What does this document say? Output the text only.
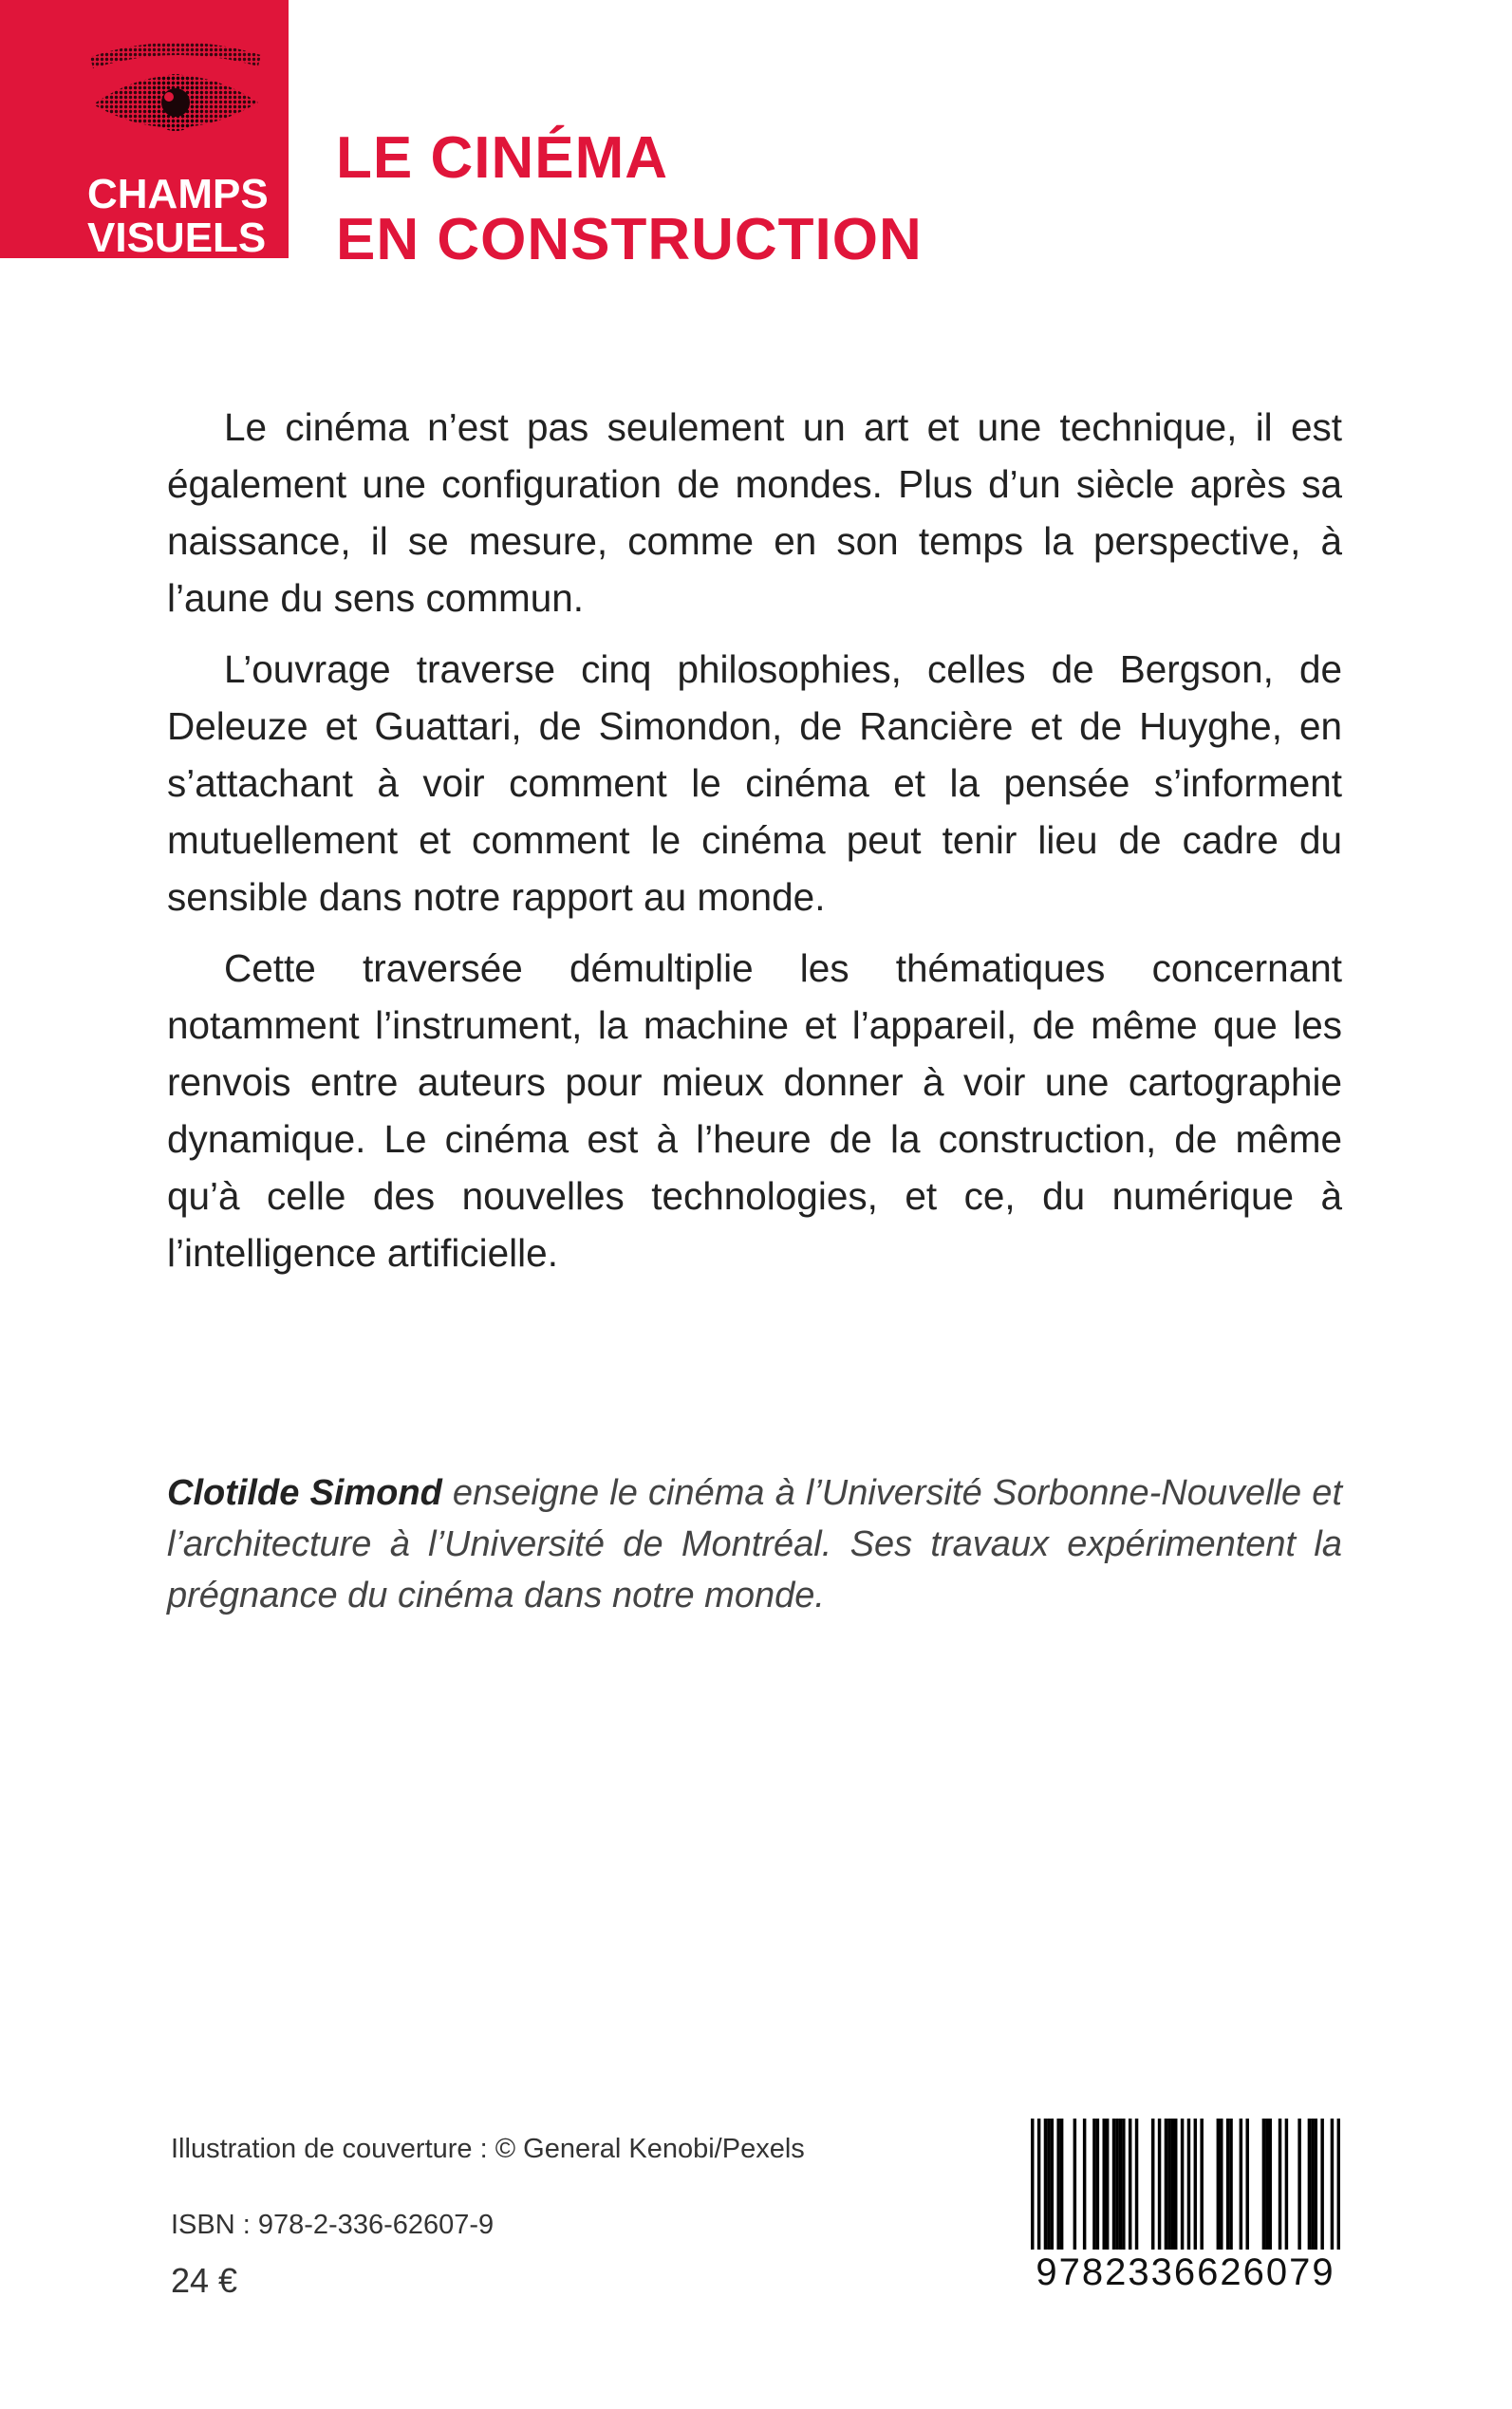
CHAMPS
VISUELS
LE CINÉMA
EN CONSTRUCTION

Le cinéma n’est pas seulement un art et une technique, il est également une configuration de mondes. Plus d’un siècle après sa naissance, il se mesure, comme en son temps la perspective, à l’aune du sens commun.

L’ouvrage traverse cinq philosophies, celles de Bergson, de Deleuze et Guattari, de Simondon, de Rancière et de Huyghe, en s’attachant à voir comment le cinéma et la pensée s’informent mutuellement et comment le cinéma peut tenir lieu de cadre du sensible dans notre rapport au monde.

Cette traversée démultiplie les thématiques concernant notamment l’instrument, la machine et l’appareil, de même que les renvois entre auteurs pour mieux donner à voir une cartographie dynamique. Le cinéma est à l’heure de la construction, de même qu’à celle des nouvelles technologies, et ce, du numérique à l’intelligence artificielle.

Clotilde Simond enseigne le cinéma à l’Université Sorbonne-Nouvelle et l’architecture à l’Université de Montréal. Ses travaux expérimentent la prégnance du cinéma dans notre monde.
Illustration de couverture : © General Kenobi/Pexels
ISBN : 978-2-336-62607-9
24 €	9782336626079
